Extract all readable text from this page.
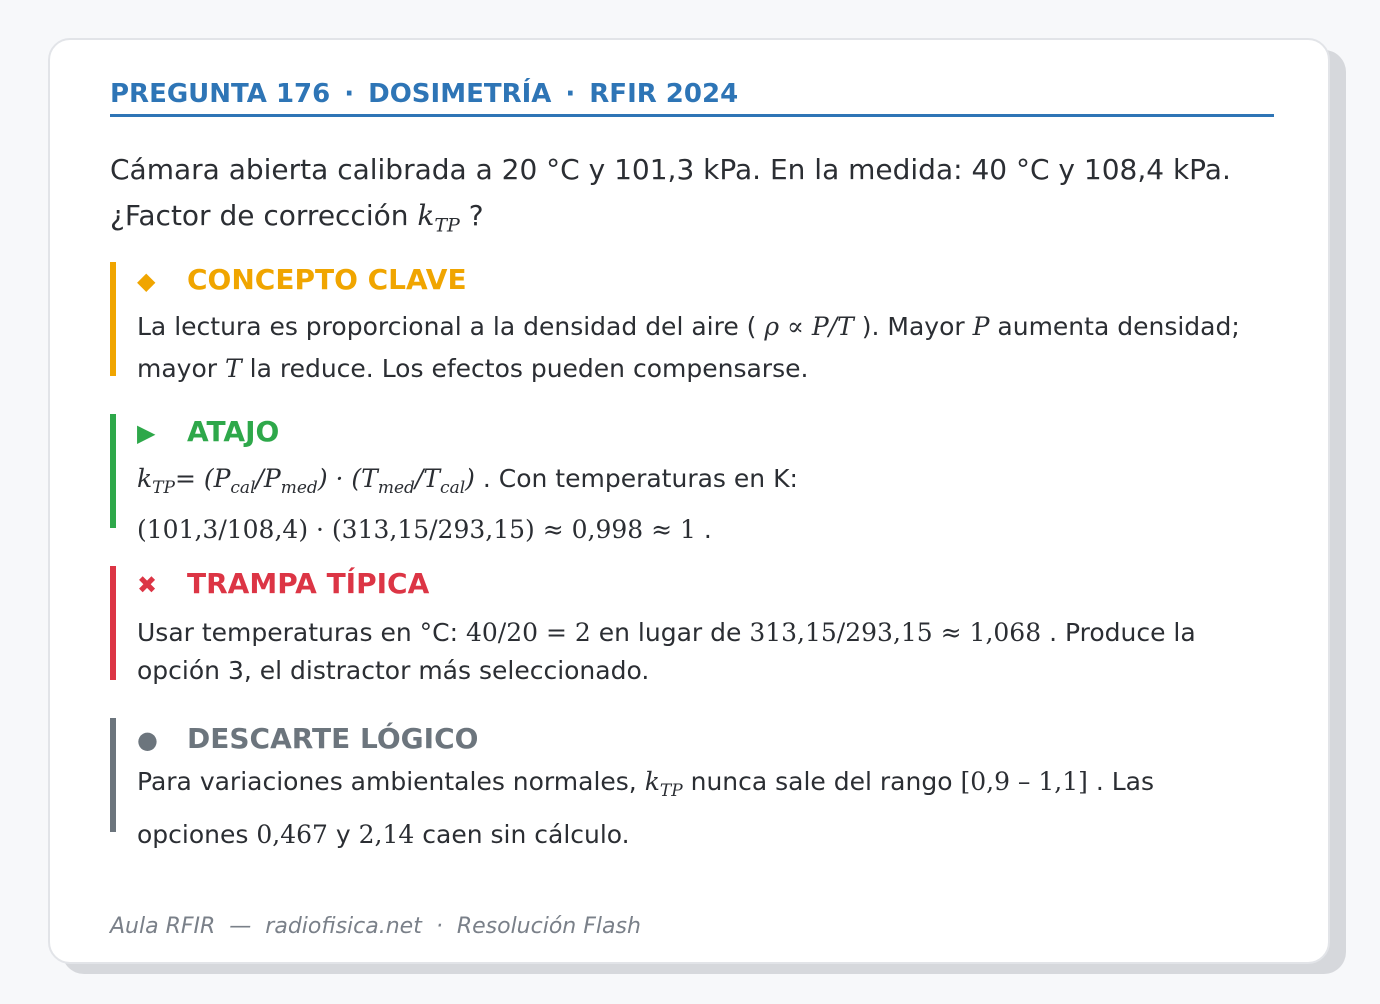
PREGUNTA 176 · DOSIMETRÍA · RFIR 2024
Cámara abierta calibrada a 20 °C y 101,3 kPa. En la medida: 40 °C y 108,4 kPa. ¿Factor de corrección $k_{TP}$ ?
◆ CONCEPTO CLAVE
La lectura es proporcional a la densidad del aire ( ρ ∝ P/T ). Mayor P aumenta densidad; mayor T la reduce. Los efectos pueden compensarse.
▶ ATAJO
$k_{TP}= (P_{cal}/P_{med}) \cdot (T_{med}/T_{cal})$ . Con temperaturas en K:
(101,3/108,4) · (313,15/293,15) ≈ 0,998 ≈ 1 .
✖ TRAMPA TÍPICA
Usar temperaturas en °C: 40/20 = 2 en lugar de 313,15/293,15 ≈ 1,068 . Produce la opción 3, el distractor más seleccionado.
● DESCARTE LÓGICO
Para variaciones ambientales normales, $k_{TP}$ nunca sale del rango [0,9 – 1,1] . Las opciones 0,467 y 2,14 caen sin cálculo.
Aula RFIR — radiofisica.net · Resolución Flash
